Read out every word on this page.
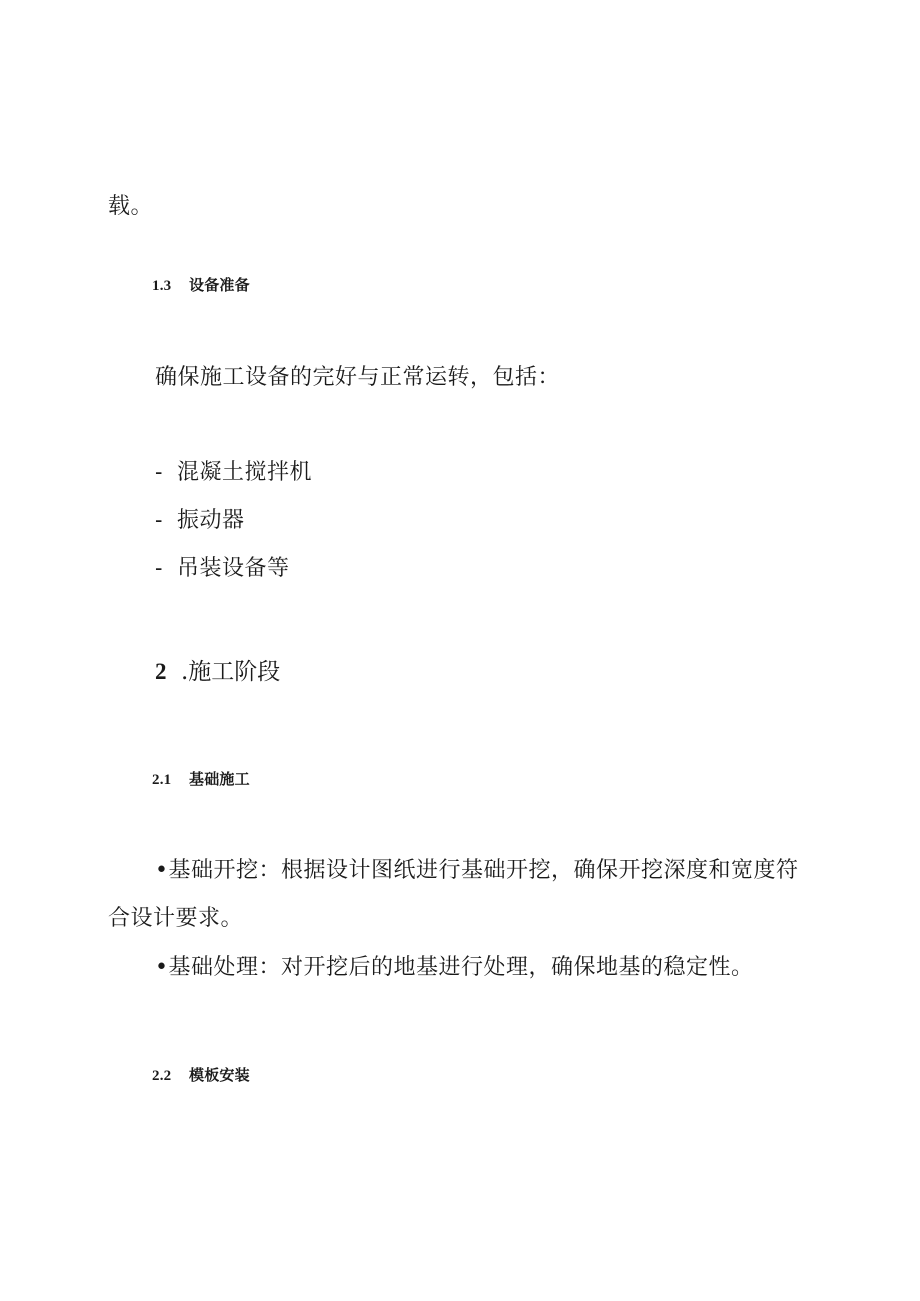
载。
1.3 设备准备
确保施工设备的完好与正常运转，包括：
- 混凝土搅拌机
- 振动器
- 吊装设备等
2 .施工阶段
2.1 基础施工
•基础开挖：根据设计图纸进行基础开挖，确保开挖深度和宽度符
合设计要求。
•基础处理：对开挖后的地基进行处理，确保地基的稳定性。
2.2 模板安装
